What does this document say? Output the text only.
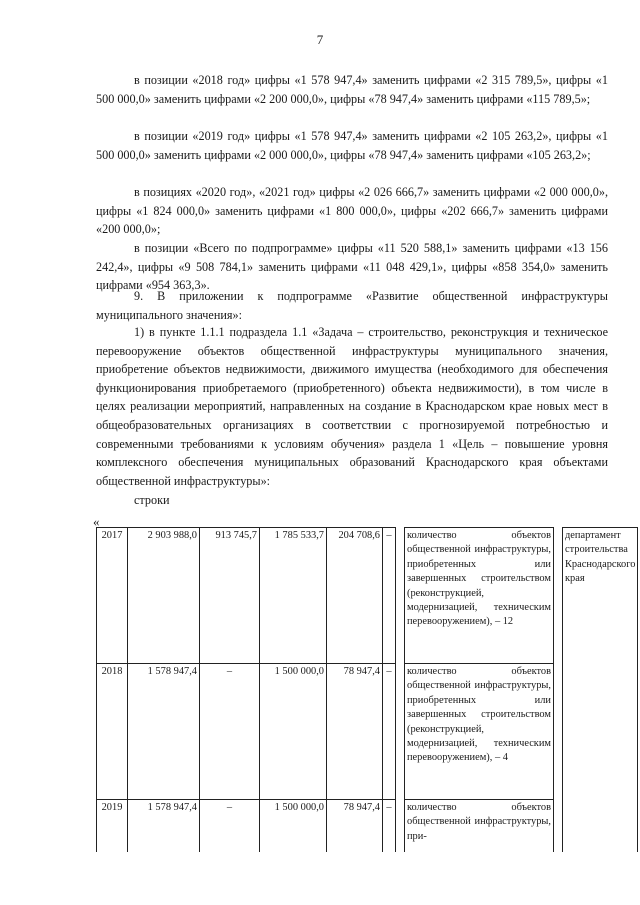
7
в позиции «2018 год» цифры «1 578 947,4» заменить цифрами «2 315 789,5», цифры «1 500 000,0» заменить цифрами «2 200 000,0», цифры «78 947,4» заменить цифрами «115 789,5»;
в позиции «2019 год» цифры «1 578 947,4» заменить цифрами «2 105 263,2», цифры «1 500 000,0» заменить цифрами «2 000 000,0», цифры «78 947,4» заменить цифрами «105 263,2»;
в позициях «2020 год», «2021 год» цифры «2 026 666,7» заменить цифрами «2 000 000,0», цифры «1 824 000,0» заменить цифрами «1 800 000,0», цифры «202 666,7» заменить цифрами «200 000,0»;
в позиции «Всего по подпрограмме» цифры «11 520 588,1» заменить цифрами «13 156 242,4», цифры «9 508 784,1» заменить цифрами «11 048 429,1», цифры «858 354,0» заменить цифрами «954 363,3».
9. В приложении к подпрограмме «Развитие общественной инфраструктуры муниципального значения»:
1) в пункте 1.1.1 подраздела 1.1 «Задача – строительство, реконструкция и техническое перевооружение объектов общественной инфраструктуры муниципального значения, приобретение объектов недвижимости, движимого имущества (необходимого для обеспечения функционирования приобретаемого (приобретенного) объекта недвижимости), в том числе в целях реализации мероприятий, направленных на создание в Краснодарском крае новых мест в общеобразовательных организациях в соответствии с прогнозируемой потребностью и современными требованиями к условиям обучения» раздела 1 «Цель – повышение уровня комплексного обеспечения муниципальных образований Краснодарского края объектами общественной инфраструктуры»:
строки
«
2017	2 903 988,0	913 745,7	1 785 533,7	204 708,6	–		количество объектов общественной инфраструктуры, приобретенных или завершенных строительством (реконструкцией, модернизацией, техническим перевооружением), – 12		департамент строительства Краснодарского края
2018	1 578 947,4	–	1 500 000,0	78 947,4	–		количество объектов общественной инфраструктуры, приобретенных или завершенных строительством (реконструкцией, модернизацией, техническим перевооружением), – 4		
2019	1 578 947,4	–	1 500 000,0	78 947,4	–		количество объектов общественной инфраструктуры, при-		
